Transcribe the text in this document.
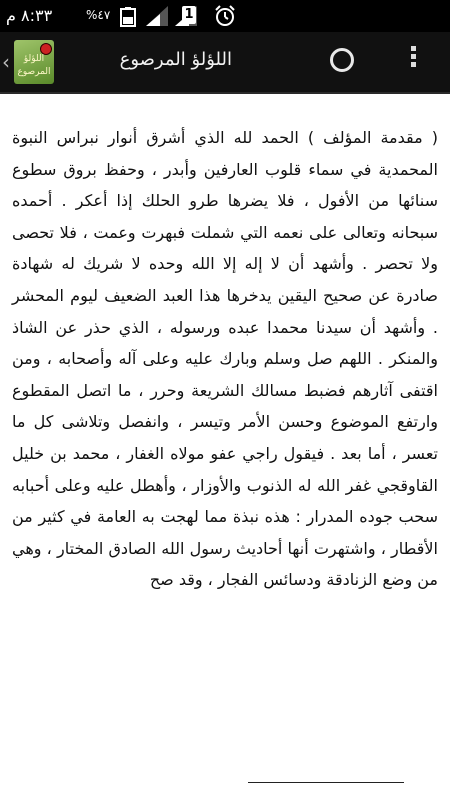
٨:٣٣ م	%٤٧	1
‹	اللؤلؤ
المرصوع
اللؤلؤ المرصوع

( مقدمة المؤلف ) الحمد لله الذي أشرق أنوار نبراس النبوة المحمدية في سماء قلوب العارفين وأبدر ، وحفظ بروق سطوع سنائها من الأفول ، فلا يضرها طرو الحلك إذا أعكر . أحمده سبحانه وتعالى على نعمه التي شملت فبهرت وعمت ، فلا تحصى ولا تحصر . وأشهد أن لا إله إلا الله وحده لا شريك له شهادة صادرة عن صحيح اليقين يدخرها هذا العبد الضعيف ليوم المحشر . وأشهد أن سيدنا محمدا عبده ورسوله ، الذي حذر عن الشاذ والمنكر . اللهم صل وسلم وبارك عليه وعلى آله وأصحابه ، ومن اقتفى آثارهم فضبط مسالك الشريعة وحرر ، ما اتصل المقطوع وارتفع الموضوع وحسن الأمر وتيسر ، وانفصل وتلاشى كل ما تعسر ، أما بعد . فيقول راجي عفو مولاه الغفار ، محمد بن خليل القاوقجي غفر الله له الذنوب والأوزار ، وأهطل عليه وعلى أحبابه سحب جوده المدرار : هذه نبذة مما لهجت به العامة في كثير من الأقطار ، واشتهرت أنها أحاديث رسول الله الصادق المختار ، وهي من وضع الزنادقة ودسائس الفجار ، وقد صح
